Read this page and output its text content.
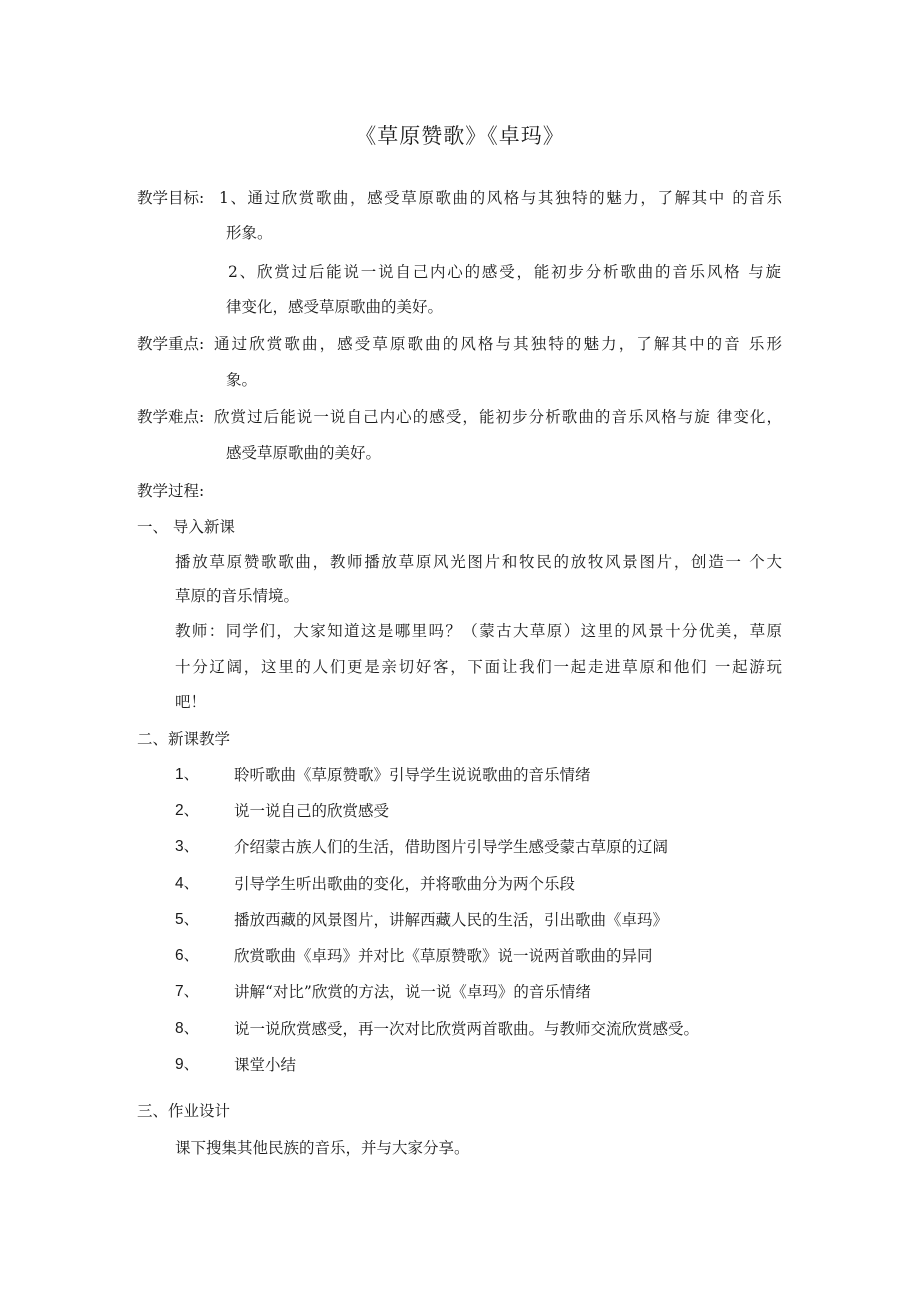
《草原赞歌》《卓玛》
教学目标: 1、通过欣赏歌曲，感受草原歌曲的风格与其独特的魅力，了解其中 的音乐
形象。
2、欣赏过后能说一说自己内心的感受，能初步分析歌曲的音乐风格 与旋
律变化，感受草原歌曲的美好。
教学重点: 通过欣赏歌曲，感受草原歌曲的风格与其独特的魅力，了解其中的音 乐形
象。
教学难点: 欣赏过后能说一说自己内心的感受，能初步分析歌曲的音乐风格与旋 律变化，
感受草原歌曲的美好。
教学过程:
一、 导入新课
播放草原赞歌歌曲，教师播放草原风光图片和牧民的放牧风景图片，创造一 个大
草原的音乐情境。
教师：同学们，大家知道这是哪里吗？（蒙古大草原）这里的风景十分优美，草原
十分辽阔，这里的人们更是亲切好客，下面让我们一起走进草原和他们 一起游玩
吧！
二、新课教学
1、 聆听歌曲《草原赞歌》引导学生说说歌曲的音乐情绪
2、 说一说自己的欣赏感受
3、 介绍蒙古族人们的生活，借助图片引导学生感受蒙古草原的辽阔
4、 引导学生听出歌曲的变化，并将歌曲分为两个乐段
5、 播放西藏的风景图片，讲解西藏人民的生活，引出歌曲《卓玛》
6、 欣赏歌曲《卓玛》并对比《草原赞歌》说一说两首歌曲的异同
7、 讲解“对比”欣赏的方法，说一说《卓玛》的音乐情绪
8、 说一说欣赏感受，再一次对比欣赏两首歌曲。与教师交流欣赏感受。
9、 课堂小结
三、作业设计
课下搜集其他民族的音乐，并与大家分享。
